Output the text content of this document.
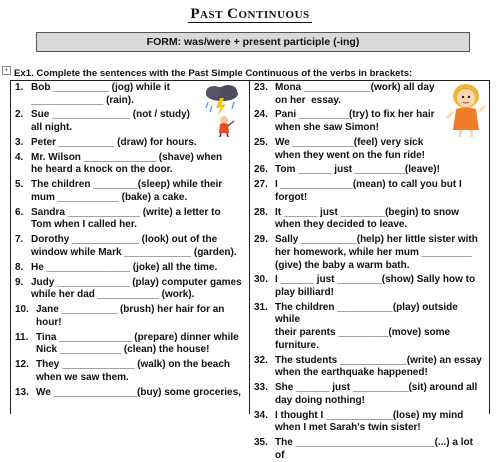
Past Continuous
FORM: was/were + present participle (-ing)
+ Ex1. Complete the sentences with the Past Simple Continuous of the verbs in brackets:
1. Bob __________ (jog) while it
_____________ (rain).
2. Sue ______________ (not / study)
all night.
3. Peter __________ (draw) for hours.
4. Mr. Wilson _____________ (shave) when
he heard a knock on the door.
5. The children ________(sleep) while their
mum ___________ (bake) a cake.
6. Sandra _____________ (write) a letter to
Tom when I called her.
7. Dorothy ____________ (look) out of the
window while Mark ____________ (garden).
8. He _______________ (joke) all the time.
9. Judy _____________ (play) computer games
while her dad ___________ (work).
10. Jane __________ (brush) her hair for an hour!
11. Tina _____________ (prepare) dinner while
Nick ___________ (clean) the house!
12. They _____________ (walk) on the beach
when we saw them.
13. We _______________(buy) some groceries,
23. Mona ____________(work) all day
on her  essay.
24. Pani _________(try) to fix her hair
when she saw Simon!
25. We ___________(feel) very sick
when they went on the fun ride!
26. Tom ______ just _________(leave)!
27. I _____________(mean) to call you but I
forgot!
28. It ______ just ________(begin) to snow
when they decided to leave.
29. Sally __________(help) her little sister with
her homework, while her mum _________
(give) the baby a warm bath.
30. I ______ just ________(show) Sally how to
play billiard!
31. The children __________(play) outside while
their parents _________(move) some
furniture.
32. The students ____________(write) an essay
when the earthquake happened!
33. She ______ just __________(sit) around all
day doing nothing!
34. I thought I ____________(lose) my mind
when I met Sarah's twin sister!
35. The _________________________(...) a lot of
